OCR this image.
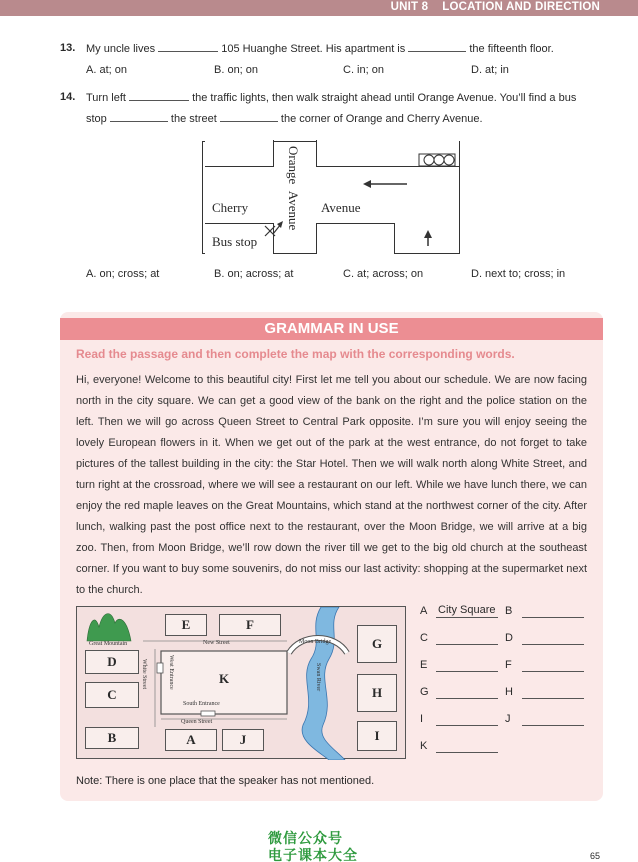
UNIT 8 LOCATION AND DIRECTION
13. My uncle lives	105 Huanghe Street. His apartment is	the fifteenth floor.
A. at; on	B. on; on	C. in; on	D. at; in
14. Turn left	the traffic lights, then walk straight ahead until Orange Avenue. You’ll find a bus
stop	the street	the corner of Orange and Cherry Avenue.
Orange  Avenue
Cherry	Avenue
Bus stop
A. on; cross; at	B. on; across; at	C. at; across; on	D. next to; cross; in
GRAMMAR IN USE
Read the passage and then complete the map with the corresponding words.
Hi, everyone! Welcome to this beautiful city! First let me tell you about our schedule. We are now facing north in the city square. We can get a good view of the bank on the right and the police station on the left. Then we will go across Queen Street to Central Park opposite. I’m sure you will enjoy seeing the lovely European flowers in it. When we get out of the park at the west entrance, do not forget to take pictures of the tallest building in the city: the Star Hotel. Then we will walk north along White Street, and turn right at the crossroad, where we will see a restaurant on our left. While we have lunch there, we can enjoy the red maple leaves on the Great Mountains, which stand at the northwest corner of the city. After lunch, walking past the post office next to the restaurant, over the Moon Bridge, we will arrive at a big zoo. Then, from Moon Bridge, we’ll row down the river till we get to the big old church at the southeast corner. If you want to buy some souvenirs, do not miss our last activity: shopping at the supermarket next to the church.
E	F
D
C
B	A	J
K
G
H
I
Great Mountain	New Street	Moon Bridge
White Street	West Entrance	Swan River
South Entrance
Queen Street
A City Square B
C	D
E	F
G	H
I	J
K
Note: There is one place that the speaker has not mentioned.
微信公众号
电子课本大全	65
